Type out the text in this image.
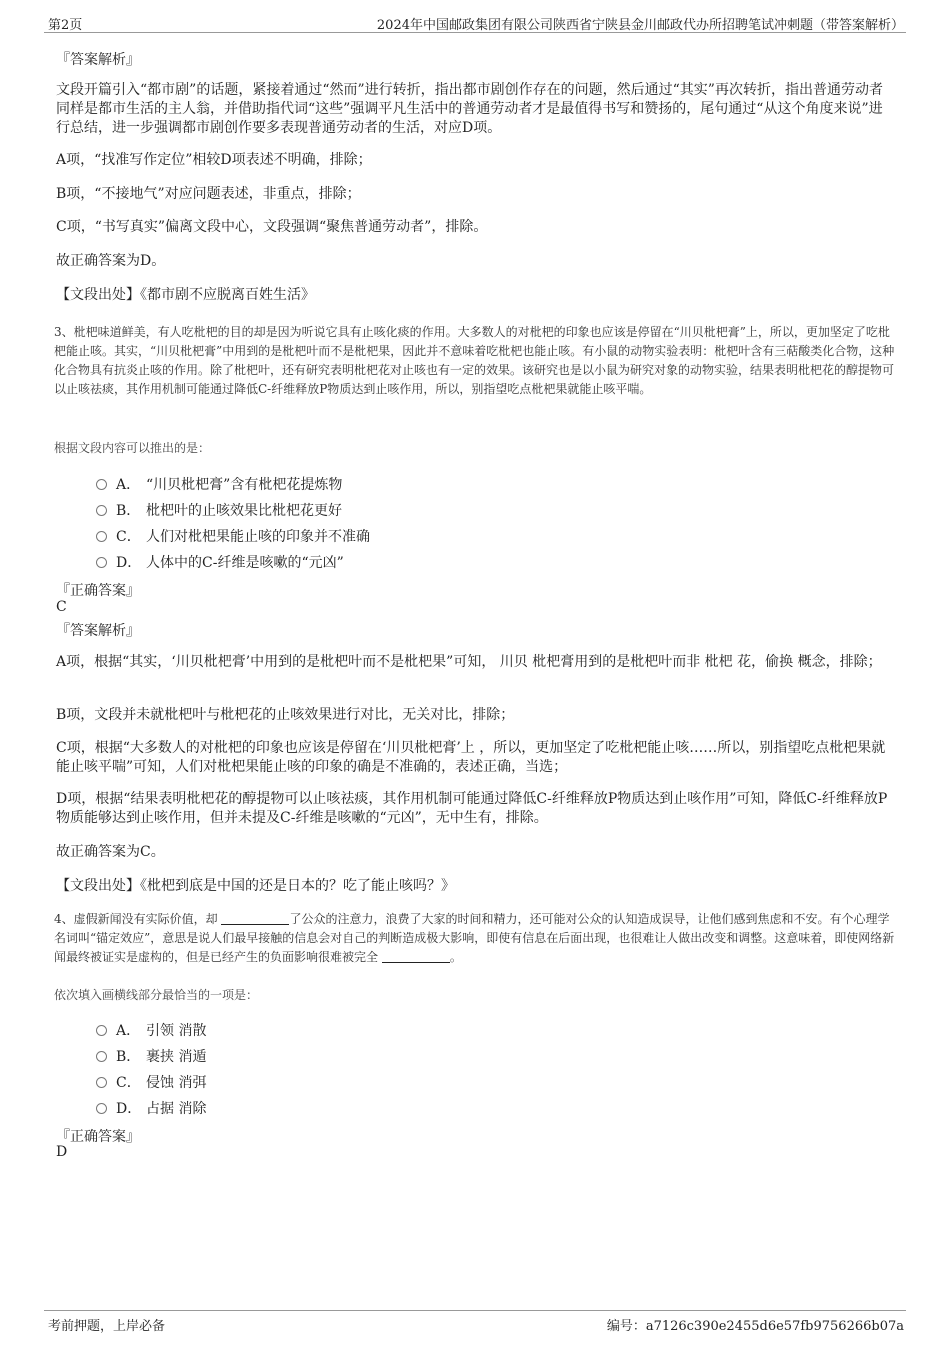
第2页	2024年中国邮政集团有限公司陕西省宁陕县金川邮政代办所招聘笔试冲刺题（带答案解析）
『答案解析』

文段开篇引入“都市剧”的话题，紧接着通过“然而”进行转折，指出都市剧创作存在的问题，然后通过“其实”再次转折，指出普通劳动者同样是都市生活的主人翁，并借助指代词“这些”强调平凡生活中的普通劳动者才是最值得书写和赞扬的，尾句通过“从这个角度来说”进行总结，进一步强调都市剧创作要多表现普通劳动者的生活，对应D项。

A项，“找准写作定位”相较D项表述不明确，排除；

B项，“不接地气”对应问题表述，非重点，排除；

C项，“书写真实”偏离文段中心，文段强调“聚焦普通劳动者”，排除。

故正确答案为D。

【文段出处】《都市剧不应脱离百姓生活》

3、枇杷味道鲜美，有人吃枇杷的目的却是因为听说它具有止咳化痰的作用。大多数人的对枇杷的印象也应该是停留在“川贝枇杷膏”上，所以，更加坚定了吃枇杷能止咳。其实，“川贝枇杷膏”中用到的是枇杷叶而不是枇杷果，因此并不意味着吃枇杷也能止咳。有小鼠的动物实验表明：枇杷叶含有三萜酸类化合物，这种化合物具有抗炎止咳的作用。除了枇杷叶，还有研究表明枇杷花对止咳也有一定的效果。该研究也是以小鼠为研究对象的动物实验，结果表明枇杷花的醇提物可以止咳祛痰，其作用机制可能通过降低C-纤维释放P物质达到止咳作用，所以，别指望吃点枇杷果就能止咳平喘。

根据文段内容可以推出的是：
A． “川贝枇杷膏”含有枇杷花提炼物
B． 枇杷叶的止咳效果比枇杷花更好
C． 人们对枇杷果能止咳的印象并不准确
D． 人体中的C-纤维是咳嗽的“元凶”
『正确答案』
C
『答案解析』

A项，根据“其实，‘川贝枇杷膏’中用到的是枇杷叶而不是枇杷果”可知， 川贝 枇杷膏用到的是枇杷叶而非 枇杷 花，偷换 概念，排除；

B项，文段并未就枇杷叶与枇杷花的止咳效果进行对比，无关对比，排除；

C项，根据“大多数人的对枇杷的印象也应该是停留在‘川贝枇杷膏’上 ，所以，更加坚定了吃枇杷能止咳……所以，别指望吃点枇杷果就能止咳平喘”可知，人们对枇杷果能止咳的印象的确是不准确的，表述正确，当选；

D项，根据“结果表明枇杷花的醇提物可以止咳祛痰，其作用机制可能通过降低C-纤维释放P物质达到止咳作用”可知，降低C-纤维释放P物质能够达到止咳作用，但并未提及C-纤维是咳嗽的“元凶”，无中生有，排除。

故正确答案为C。

【文段出处】《枇杷到底是中国的还是日本的？吃了能止咳吗？》

4、虚假新闻没有实际价值，却	了公众的注意力，浪费了大家的时间和精力，还可能对公众的认知造成误导，让他们感到焦虑和不安。有个心理学名词叫“锚定效应”，意思是说人们最早接触的信息会对自己的判断造成极大影响，即使有信息在后面出现，也很难让人做出改变和调整。这意味着，即使网络新闻最终被证实是虚构的，但是已经产生的负面影响很难被完全	。

依次填入画横线部分最恰当的一项是：
A． 引领 消散
B． 裹挟 消遁
C． 侵蚀 消弭
D． 占据 消除
『正确答案』
D
考前押题，上岸必备	编号：a7126c390e2455d6e57fb9756266b07a
